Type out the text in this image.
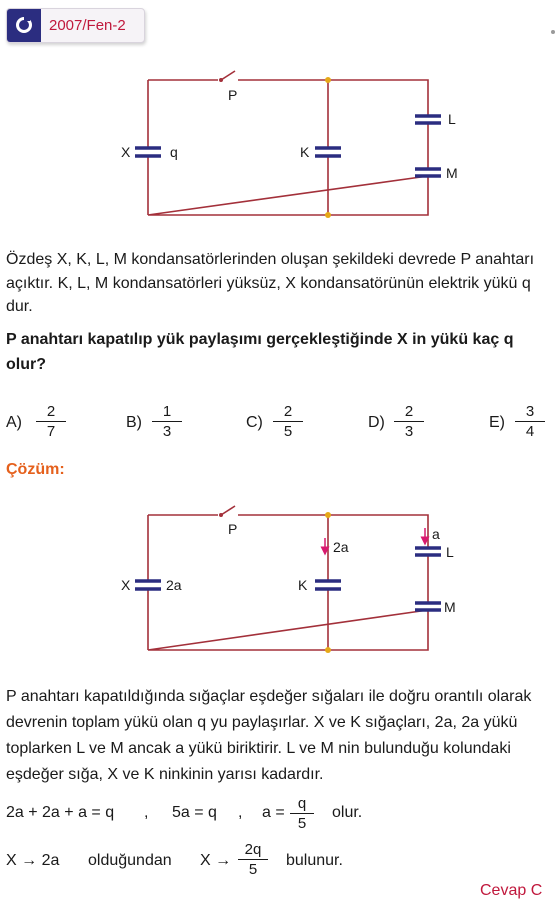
2007/Fen-2
P
X	q	K
L
M

Özdeş X, K, L, M kondansatörlerinden oluşan şekildeki devrede P anahtarı açıktır. K, L, M kondansatörleri yüksüz, X kondansatörünün elektrik yükü q dur.

P anahtarı kapatılıp yük paylaşımı gerçekleştiğinde X in yükü kaç q olur?

$A) \frac{2}{7}$	$B) \frac{1}{3}$	$C) \frac{2}{5}$	$D) \frac{2}{3}$	$E) \frac{3}{4}$
Çözüm:
P
X	2a	K
2a
a
L
M

P anahtarı kapatıldığında sığaçlar eşdeğer sığaları ile doğru orantılı olarak devrenin toplam yükü olan q yu paylaşırlar. X ve K sığaçları, 2a, 2a yükü toplarken L ve M ancak a yükü biriktirir. L ve M nin bulunduğu kolundaki eşdeğer sığa, X ve K ninkinin yarısı kadardır.

2a + 2a + a = q , 5a = q , $a = \frac{q}{5}$ olur.
X → 2a olduğundan $X \to \frac{2q}{5}$ bulunur.
Cevap C
